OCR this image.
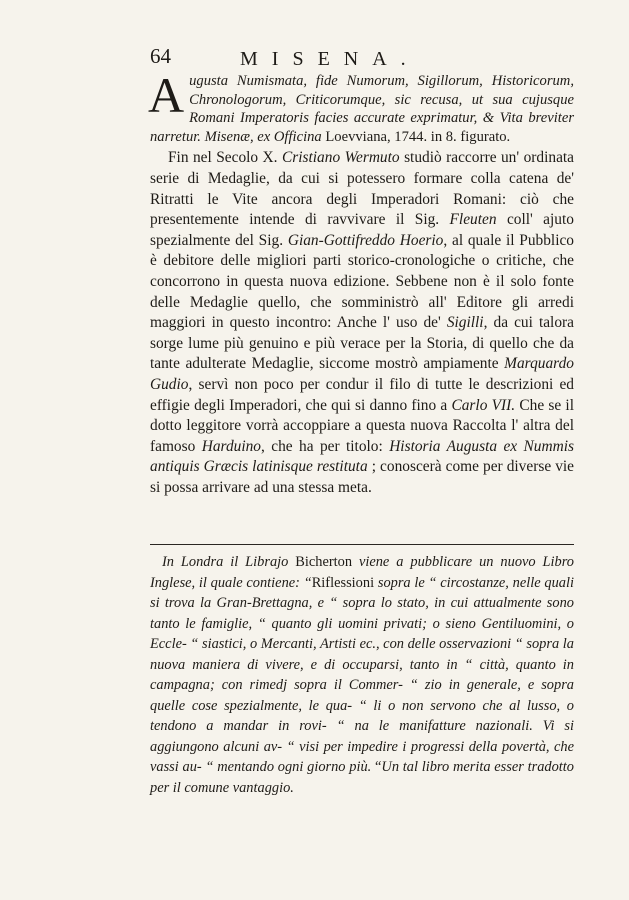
64	MISENA.

Augusta Numismata, fide Numorum, Sigillorum, Historicorum, Chronologorum, Criticorumque, sic recusa, ut sua cujusque Romani Imperatoris facies accurate exprimatur, & Vita breviter narretur. Misenæ, ex Officina Loevviana, 1744. in 8. figurato.

Fin nel Secolo X. Cristiano Wermuto studiò raccorre un' ordinata serie di Medaglie, da cui si potessero formare colla catena de' Ritratti le Vite ancora degli Imperadori Romani: ciò che presentemente intende di ravvivare il Sig. Fleuten coll' ajuto spezialmente del Sig. Gian-Gottifreddo Hoerio, al quale il Pubblico è debitore delle migliori parti storico-cronologiche o critiche, che concorrono in questa nuova edizione. Sebbene non è il solo fonte delle Medaglie quello, che somministrò all' Editore gli arredi maggiori in questo incontro: Anche l' uso de' Sigilli, da cui talora sorge lume più genuino e più verace per la Storia, di quello che da tante adulterate Medaglie, siccome mostrò ampiamente Marquardo Gudio, servì non poco per condur il filo di tutte le descrizioni ed effigie degli Imperadori, che qui si danno fino a Carlo VII. Che se il dotto leggitore vorrà accoppiare a questa nuova Raccolta l' altra del famoso Harduino, che ha per titolo: Historia Augusta ex Nummis antiquis Græcis latinisque restituta ; conoscerà come per diverse vie si possa arrivare ad una stessa meta.

In Londra il Librajo Bicherton viene a pubblicare un nuovo Libro Inglese, il quale contiene: “Riflessioni sopra le “ circostanze, nelle quali si trova la Gran-Brettagna, e “ sopra lo stato, in cui attualmente sono tanto le famiglie, “ quanto gli uomini privati; o sieno Gentiluomini, o Eccle- “ siastici, o Mercanti, Artisti ec., con delle osservazioni “ sopra la nuova maniera di vivere, e di occuparsi, tanto in “ città, quanto in campagna; con rimedj sopra il Commer- “ zio in generale, e sopra quelle cose spezialmente, le qua- “ li o non servono che al lusso, o tendono a mandar in rovi- “ na le manifatture nazionali. Vi si aggiungono alcuni av- “ visi per impedire i progressi della povertà, che vassi au- “ mentando ogni giorno più. “Un tal libro merita esser tradotto per il comune vantaggio.
